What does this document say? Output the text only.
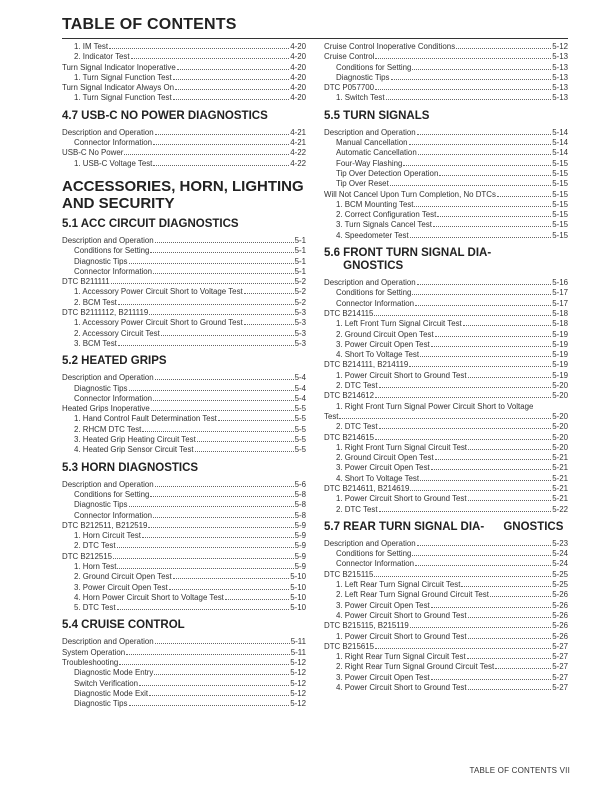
TABLE OF CONTENTS
1. IM Test	4-20
2. Indicator Test	4-20
Turn Signal Indicator Inoperative	4-20
1. Turn Signal Function Test	4-20
Turn Signal Indicator Always On	4-20
1. Turn Signal Function Test	4-20
4.7 USB-C NO POWER DIAGNOSTICS
Description and Operation	4-21
Connector Information	4-21
USB-C No Power	4-22
1. USB-C Voltage Test	4-22
ACCESSORIES, HORN, LIGHTING AND SECURITY
5.1 ACC CIRCUIT DIAGNOSTICS
Description and Operation	5-1
Conditions for Setting	5-1
Diagnostic Tips	5-1
Connector Information	5-1
DTC B211111	5-2
1. Accessory Power Circuit Short to Voltage Test	5-2
2. BCM Test	5-2
DTC B2111112, B211119	5-3
1. Accessory Power Circuit Short to Ground Test	5-3
2. Accessory Circuit Test	5-3
3. BCM Test	5-3
5.2 HEATED GRIPS
Description and Operation	5-4
Diagnostic Tips	5-4
Connector Information	5-4
Heated Grips Inoperative	5-5
1. Hand Control Fault Determination Test	5-5
2. RHCM DTC Test	5-5
3. Heated Grip Heating Circuit Test	5-5
4. Heated Grip Sensor Circuit Test	5-5
5.3 HORN DIAGNOSTICS
Description and Operation	5-6
Conditions for Setting	5-8
Diagnostic Tips	5-8
Connector Information	5-8
DTC B212511, B212519	5-9
1. Horn Circuit Test	5-9
2. DTC Test	5-9
DTC B212515	5-9
1. Horn Test	5-9
2. Ground Circuit Open Test	5-10
3. Power Circuit Open Test	5-10
4. Horn Power Circuit Short to Voltage Test	5-10
5. DTC Test	5-10
5.4 CRUISE CONTROL
Description and Operation	5-11
System Operation	5-11
Troubleshooting	5-12
Diagnostic Mode Entry	5-12
Switch Verification	5-12
Diagnostic Mode Exit	5-12
Diagnostic Tips	5-12
Cruise Control Inoperative Conditions	5-12
Cruise Control	5-13
Conditions for Setting	5-13
Diagnostic Tips	5-13
DTC P057700	5-13
1. Switch Test	5-13
5.5 TURN SIGNALS
Description and Operation	5-14
Manual Cancellation	5-14
Automatic Cancellation	5-14
Four-Way Flashing	5-15
Tip Over Detection Operation	5-15
Tip Over Reset	5-15
Will Not Cancel Upon Turn Completion, No DTCs	5-15
1. BCM Mounting Test	5-15
2. Correct Configuration Test	5-15
3. Turn Signals Cancel Test	5-15
4. Speedometer Test	5-15
5.6 FRONT TURN SIGNAL DIA-      GNOSTICS
Description and Operation	5-16
Conditions for Setting	5-17
Connector Information	5-17
DTC B214115	5-18
1. Left Front Turn Signal Circuit Test	5-18
2. Ground Circuit Open Test	5-19
3. Power Circuit Open Test	5-19
4. Short To Voltage Test	5-19
DTC B214111, B214119	5-19
1. Power Circuit Short to Ground Test	5-19
2. DTC Test	5-20
DTC B214612	5-20
1. Right Front Turn Signal Power Circuit Short to Voltage
Test	5-20
2. DTC Test	5-20
DTC B214615	5-20
1. Right Front Turn Signal Circuit Test	5-20
2. Ground Circuit Open Test	5-21
3. Power Circuit Open Test	5-21
4. Short To Voltage Test	5-21
DTC B214611, B214619	5-21
1. Power Circuit Short to Ground Test	5-21
2. DTC Test	5-22
5.7 REAR TURN SIGNAL DIA-      GNOSTICS
Description and Operation	5-23
Conditions for Setting	5-24
Connector Information	5-24
DTC B215115	5-25
1. Left Rear Turn Signal Circuit Test	5-25
2. Left Rear Turn Signal Ground Circuit Test	5-26
3. Power Circuit Open Test	5-26
4. Power Circuit Short to Ground Test	5-26
DTC B215115, B215119	5-26
1. Power Circuit Short to Ground Test	5-26
DTC B215615	5-27
1. Right Rear Turn Signal Circuit Test	5-27
2. Right Rear Turn Signal Ground Circuit Test	5-27
3. Power Circuit Open Test	5-27
4. Power Circuit Short to Ground Test	5-27
TABLE OF CONTENTS VII
